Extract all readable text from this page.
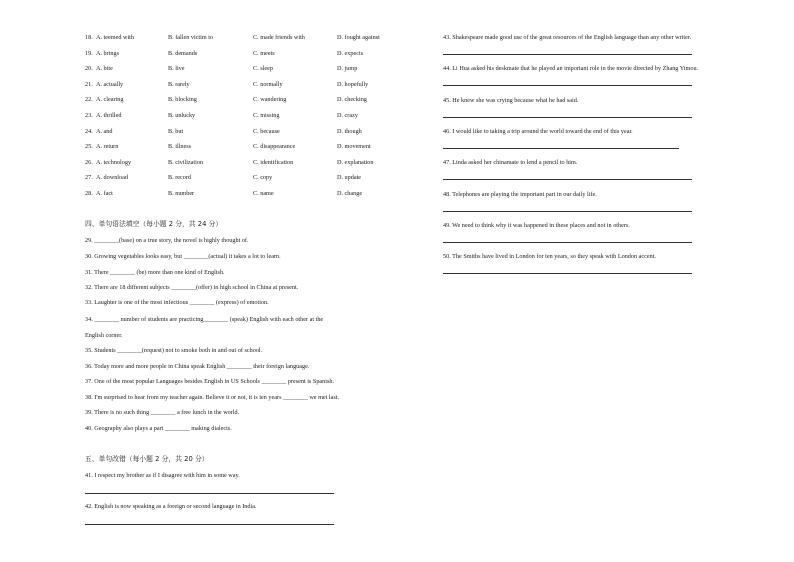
18. A. teemed with	B. fallen victim to	C. made friends with	D. fought against
19. A. brings	B. demands	C. meets	D. expects
20. A. bite	B. live	C. sleep	D. jump
21. A. actually	B. rarely	C. normally	D. hopefully
22. A. clearing	B. blocking	C. wandering	D. checking
23. A. thrilled	B. unlucky	C. missing	D. crazy
24. A. and	B. but	C. because	D. though
25. A. return	B. illness	C. disappearance	D. movement
26. A. technology	B. civilization	C. identification	D. explanation
27. A. download	B. record	C. copy	D. update
28. A. fact	B. number	C. name	D. change
四、单句语法填空（每小题 2 分，共 24 分）
29. ________(base) on a true story, the novel is highly thought of.
30. Growing vegetables looks easy, but ________(actual) it takes a lot to learn.
31. There ________ (be) more than one kind of English.
32. There are 18 different subjects ________(offer) in high school in China at present.
33. Laughter is one of the most infectious ________ (express) of emotion.
34. ________ number of students are practicing________ (speak) English with each other at the
English corner.
35. Students ________(request) not to smoke both in and out of school.
36. Today more and more people in China speak English ________ their foreign language.
37. One of the most popular Languages besides English in US Schools ________ present is Spanish.
38. I'm surprised to hear from my teacher again. Believe it or not, it is ten years ________ we met last.
39. There is no such thing ________ a free lunch in the world.
40. Geography also plays a part ________ making dialects.
五、单句改错（每小题 2 分，共 20 分）
41. I respect my brother as if I disagree with him in some way.
42. English is now speaking as a foreign or second language in India.
43. Shakespeare made good use of the great resources of the English language than any other writer.
44. Li Hua asked his deskmate that he played an important role in the movie directed by Zhang Yimou.
45. He knew she was crying because what he had said.
46. I would like to taking a trip around the world toward the end of this year.
47. Linda asked her chinamate to lend a pencil to him.
48. Telephones are playing the important part in our daily life.
49. We need to think why it was happened in these places and not in others.
50. The Smiths have lived in London for ten years, so they speak with London accent.
